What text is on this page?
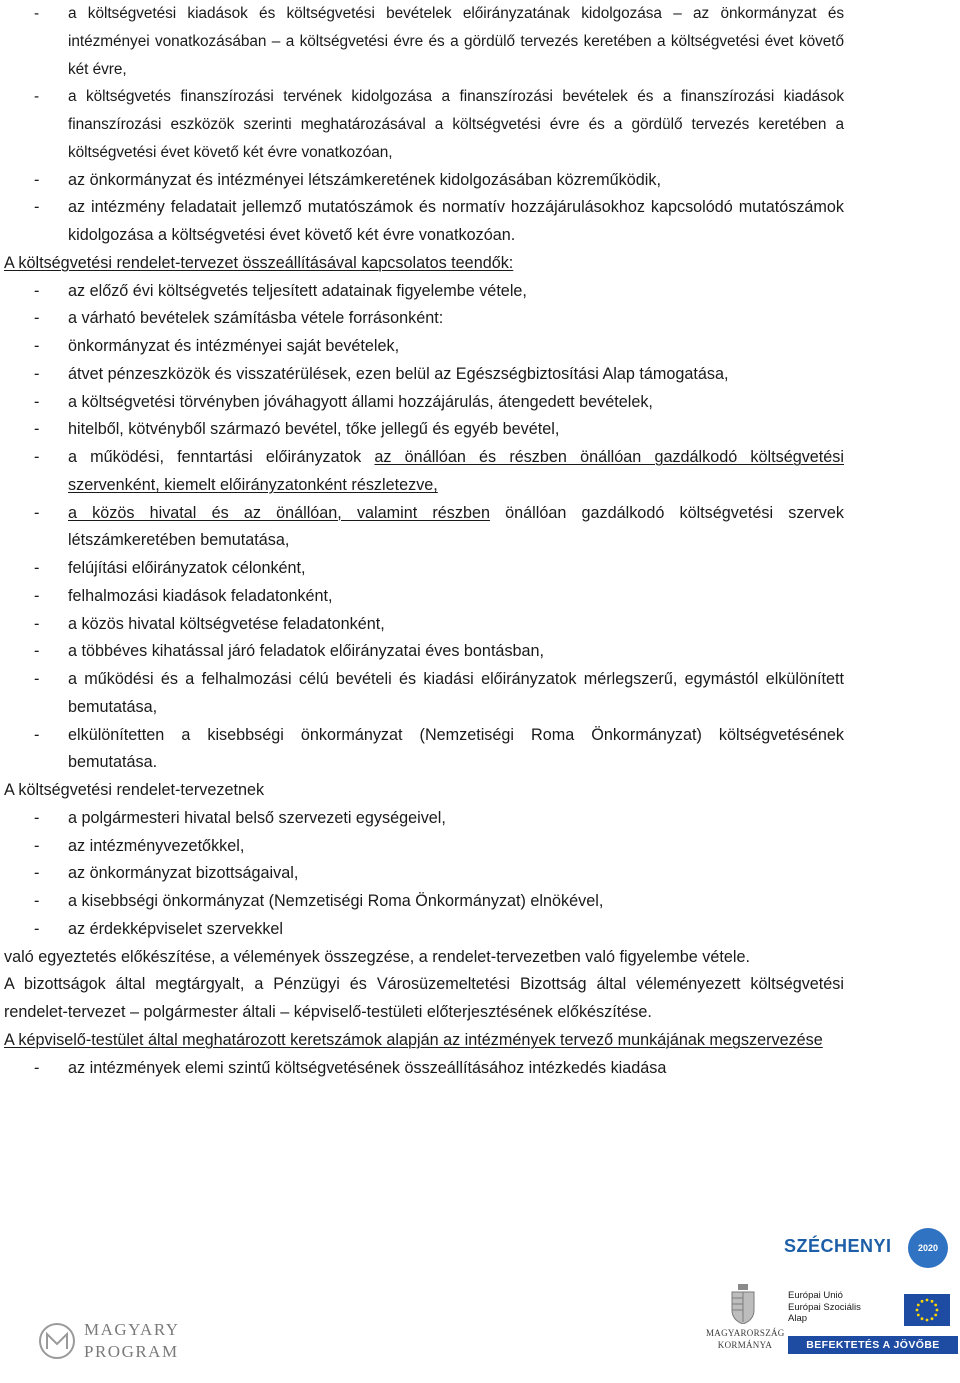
- a költségvetési kiadások és költségvetési bevételek előirányzatának kidolgozása – az önkormányzat és intézményei vonatkozásában – a költségvetési évre és a gördülő tervezés keretében a költségvetési évet követő két évre,
- a költségvetés finanszírozási tervének kidolgozása a finanszírozási bevételek és a finanszírozási kiadások finanszírozási eszközök szerinti meghatározásával a költségvetési évre és a gördülő tervezés keretében a költségvetési évet követő két évre vonatkozóan,
- az önkormányzat és intézményei létszámkeretének kidolgozásában közreműködik,
- az intézmény feladatait jellemző mutatószámok és normatív hozzájárulásokhoz kapcsolódó mutatószámok kidolgozása a költségvetési évet követő két évre vonatkozóan.

A költségvetési rendelet-tervezet összeállításával kapcsolatos teendők:

- az előző évi költségvetés teljesített adatainak figyelembe vétele,
- a várható bevételek számításba vétele forrásonként:
- önkormányzat és intézményei saját bevételek,
- átvet pénzeszközök és visszatérülések, ezen belül az Egészségbiztosítási Alap támogatása,
- a költségvetési törvényben jóváhagyott állami hozzájárulás, átengedett bevételek,
- hitelből, kötvényből származó bevétel, tőke jellegű és egyéb bevétel,
- a működési, fenntartási előirányzatok az önállóan és részben önállóan gazdálkodó költségvetési szervenként, kiemelt előirányzatonként részletezve,
- a közös hivatal és az önállóan, valamint részben önállóan gazdálkodó költségvetési szervek létszámkeretében bemutatása,
- felújítási előirányzatok célonként,
- felhalmozási kiadások feladatonként,
- a közös hivatal költségvetése feladatonként,
- a többéves kihatással járó feladatok előirányzatai éves bontásban,
- a működési és a felhalmozási célú bevételi és kiadási előirányzatok mérlegszerű, egymástól elkülönített bemutatása,
- elkülönítetten a kisebbségi önkormányzat (Nemzetiségi Roma Önkormányzat) költségvetésének bemutatása.

A költségvetési rendelet-tervezetnek

- a polgármesteri hivatal belső szervezeti egységeivel,
- az intézményvezetőkkel,
- az önkormányzat bizottságaival,
- a kisebbségi önkormányzat (Nemzetiségi Roma Önkormányzat) elnökével,
- az érdekképviselet szervekkel

való egyeztetés előkészítése, a vélemények összegzése, a rendelet-tervezetben való figyelembe vétele.

A bizottságok által megtárgyalt, a Pénzügyi és Városüzemeltetési Bizottság által véleményezett költségvetési rendelet-tervezet – polgármester általi – képviselő-testületi előterjesztésének előkészítése.

A képviselő-testület által meghatározott keretszámok alapján az intézmények tervező munkájának megszervezése

- az intézmények elemi szintű költségvetésének összeállításához intézkedés kiadása
SZÉCHENYI	2020
MAGYARORSZÁG
KORMÁNYA
Európai Unió
Európai Szociális
Alap
BEFEKTETÉS A JÖVŐBE
MAGYARY
PROGRAM
